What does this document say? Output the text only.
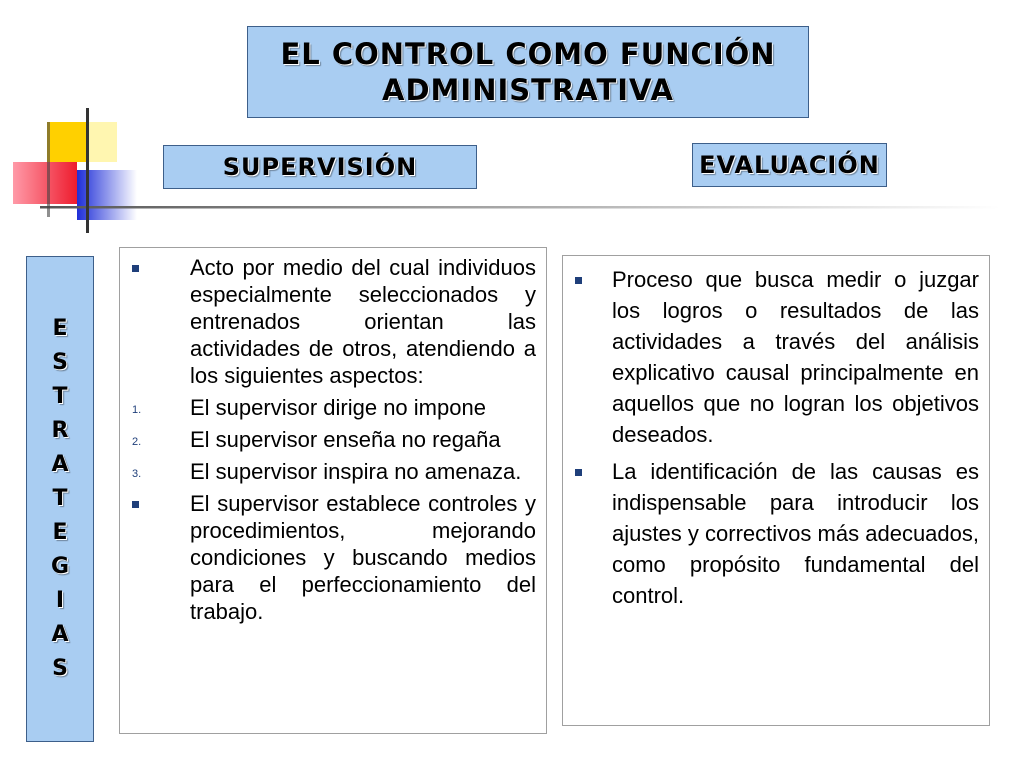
EL CONTROL COMO FUNCIÓN ADMINISTRATIVA
SUPERVISIÓN	EVALUACIÓN
E
S
T
R
A
T
E
G
I
A
S
Acto por medio del cual individuos especialmente seleccionados y entrenados orientan las actividades de otros, atendiendo a los siguientes aspectos:
1.	El supervisor dirige no impone
2.	El supervisor enseña no regaña
3.	El supervisor inspira no amenaza.
El supervisor establece controles y procedimientos, mejorando condiciones y buscando medios para el perfeccionamiento del trabajo.
Proceso que busca medir o juzgar los logros o resultados de las actividades a través del análisis explicativo causal principalmente en aquellos que no logran los objetivos deseados.
La identificación de las causas es indispensable para introducir los ajustes y correctivos más adecuados, como propósito fundamental del control.
